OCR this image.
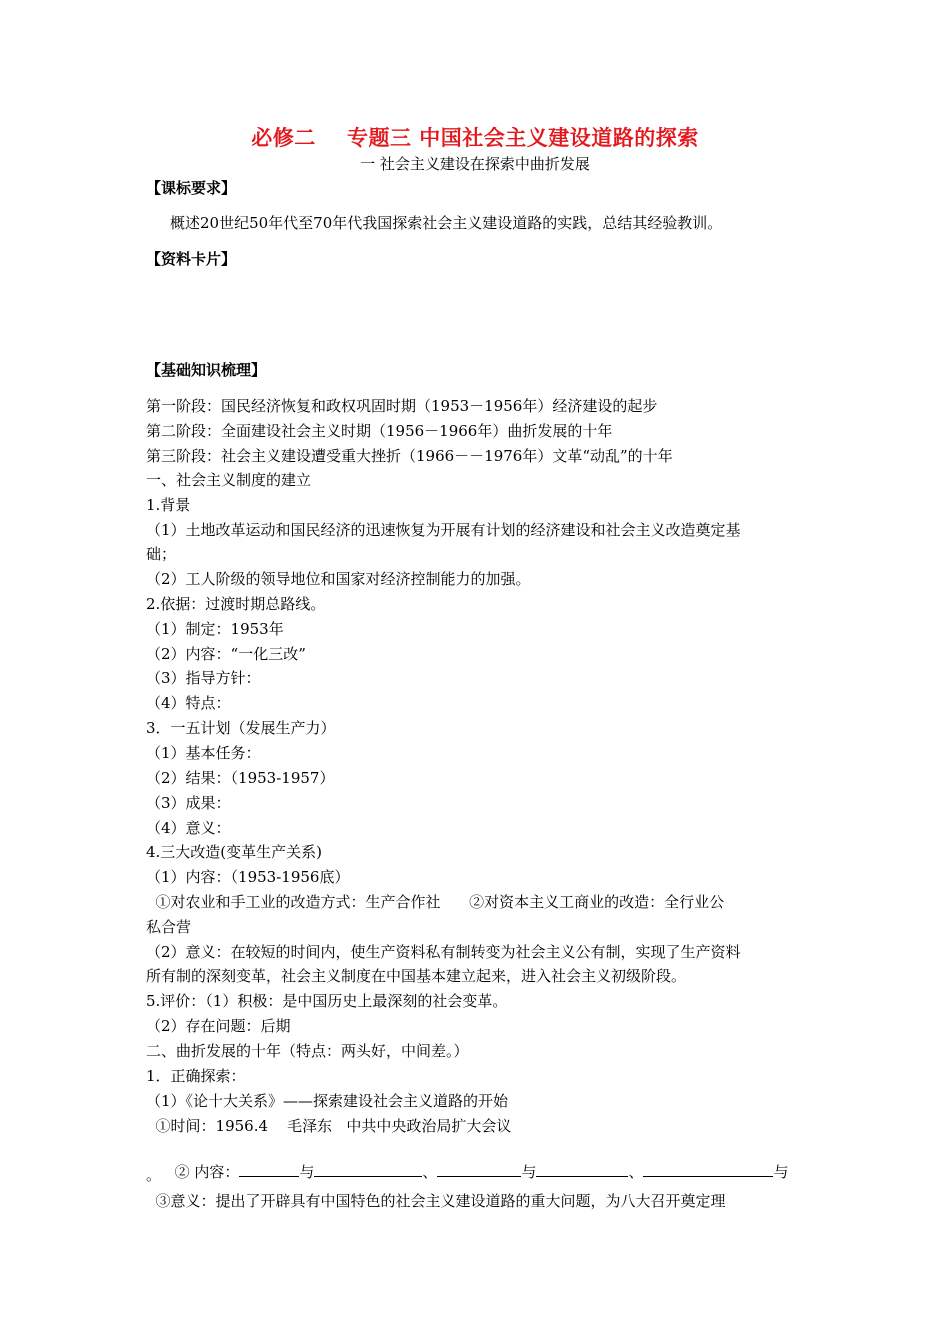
必修二    专题三 中国社会主义建设道路的探索
一 社会主义建设在探索中曲折发展
【课标要求】
概述20世纪50年代至70年代我国探索社会主义建设道路的实践，总结其经验教训。
【资料卡片】
【基础知识梳理】
第一阶段：国民经济恢复和政权巩固时期（1953－1956年）经济建设的起步
第二阶段：全面建设社会主义时期（1956－1966年）曲折发展的十年
第三阶段：社会主义建设遭受重大挫折（1966－－1976年）文革“动乱”的十年
一、社会主义制度的建立
1.背景
（1）土地改革运动和国民经济的迅速恢复为开展有计划的经济建设和社会主义改造奠定基
础；
（2）工人阶级的领导地位和国家对经济控制能力的加强。
2.依据：过渡时期总路线。
（1）制定：1953年
（2）内容：“一化三改”
（3）指导方针：
（4）特点：
3．一五计划（发展生产力）
（1）基本任务：
（2）结果：（1953-1957）
（3）成果：
（4）意义：
4.三大改造(变革生产关系)
（1）内容：（1953-1956底）
①对农业和手工业的改造方式：生产合作社      ②对资本主义工商业的改造：全行业公
私合营
（2）意义：在较短的时间内，使生产资料私有制转变为社会主义公有制，实现了生产资料
所有制的深刻变革，社会主义制度在中国基本建立起来，进入社会主义初级阶段。
5.评价：（1）积极：是中国历史上最深刻的社会变革。
（2）存在问题：后期
二、曲折发展的十年（特点：两头好，中间差。）
1．正确探索：
（1）《论十大关系》——探索建设社会主义道路的开始
①时间：1956.4    毛泽东   中共中央政治局扩大会议

② 内容：	与	、	与	、	与

。
③意义：提出了开辟具有中国特色的社会主义建设道路的重大问题，为八大召开奠定理
